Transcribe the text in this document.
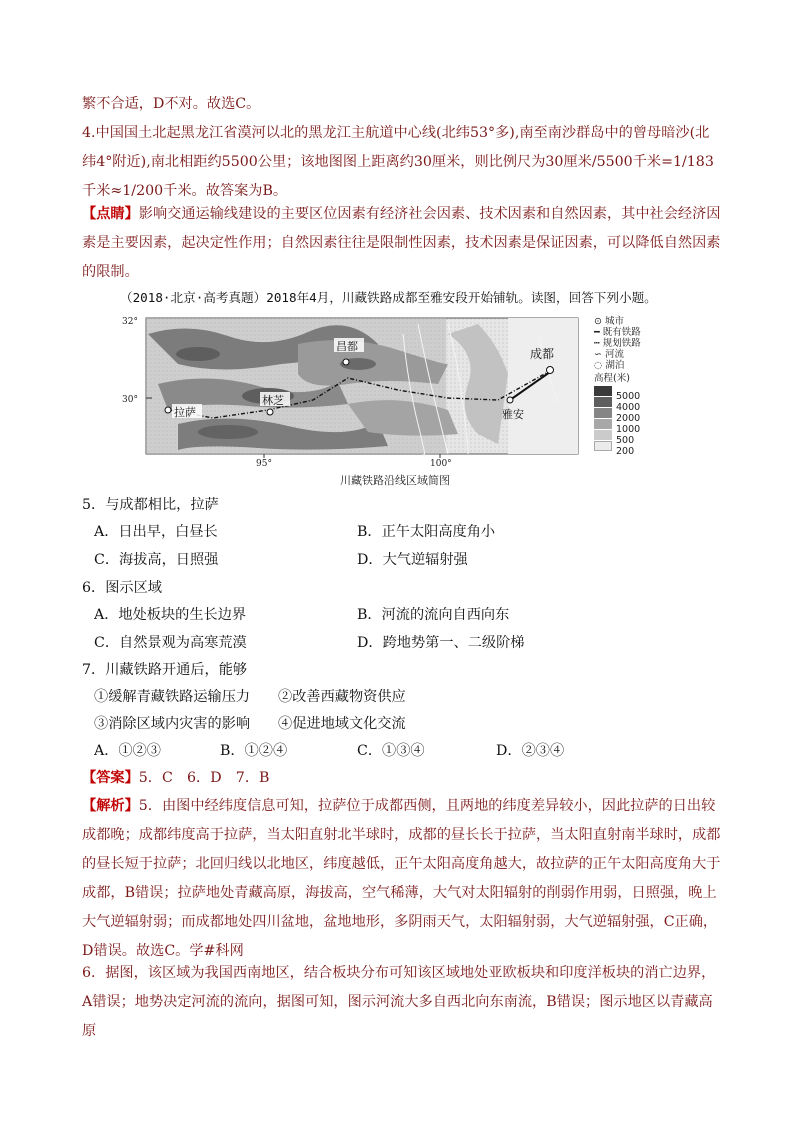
繁不合适，D不对。故选C。

4.中国国土北起黑龙江省漠河以北的黑龙江主航道中心线(北纬53°多),南至南沙群岛中的曾母暗沙(北纬4°附近),南北相距约5500公里；该地图图上距离约30厘米，则比例尺为30厘米/5500千米=1/183千米≈1/200千米。故答案为B。

【点睛】影响交通运输线建设的主要区位因素有经济社会因素、技术因素和自然因素，其中社会经济因素是主要因素，起决定性作用；自然因素往往是限制性因素，技术因素是保证因素，可以降低自然因素的限制。

（2018·北京·高考真题）2018年4月，川藏铁路成都至雅安段开始铺轨。读图，回答下列小题。

32°
30°
95°	100°
拉萨
林芝
昌都
成都
雅安
⊙ 城市
━ 既有铁路
┅ 规划铁路
∽ 河流
◌ 湖泊
高程(米)
5000
4000
2000
1000
500
200

川藏铁路沿线区域简图

5．与成都相比，拉萨

A．日出早，白昼长	B．正午太阳高度角小

C．海拔高，日照强	D．大气逆辐射强

6．图示区域

A．地处板块的生长边界	B．河流的流向自西向东

C．自然景观为高寒荒漠	D．跨地势第一、二级阶梯

7．川藏铁路开通后，能够

①缓解青藏铁路运输压力 ②改善西藏物资供应

③消除区域内灾害的影响 ④促进地域文化交流

A．①②③	B．①②④	C．①③④	D．②③④

【答案】5．C　6．D　7．B

【解析】5．由图中经纬度信息可知，拉萨位于成都西侧，且两地的纬度差异较小，因此拉萨的日出较成都晚；成都纬度高于拉萨，当太阳直射北半球时，成都的昼长长于拉萨，当太阳直射南半球时，成都的昼长短于拉萨；北回归线以北地区，纬度越低，正午太阳高度角越大，故拉萨的正午太阳高度角大于成都，B错误；拉萨地处青藏高原，海拔高，空气稀薄，大气对太阳辐射的削弱作用弱，日照强，晚上大气逆辐射弱；而成都地处四川盆地，盆地地形，多阴雨天气，太阳辐射弱，大气逆辐射强，C正确，D错误。故选C。学#科网

6．据图，该区域为我国西南地区，结合板块分布可知该区域地处亚欧板块和印度洋板块的消亡边界，A错误；地势决定河流的流向，据图可知，图示河流大多自西北向东南流，B错误；图示地区以青藏高原
